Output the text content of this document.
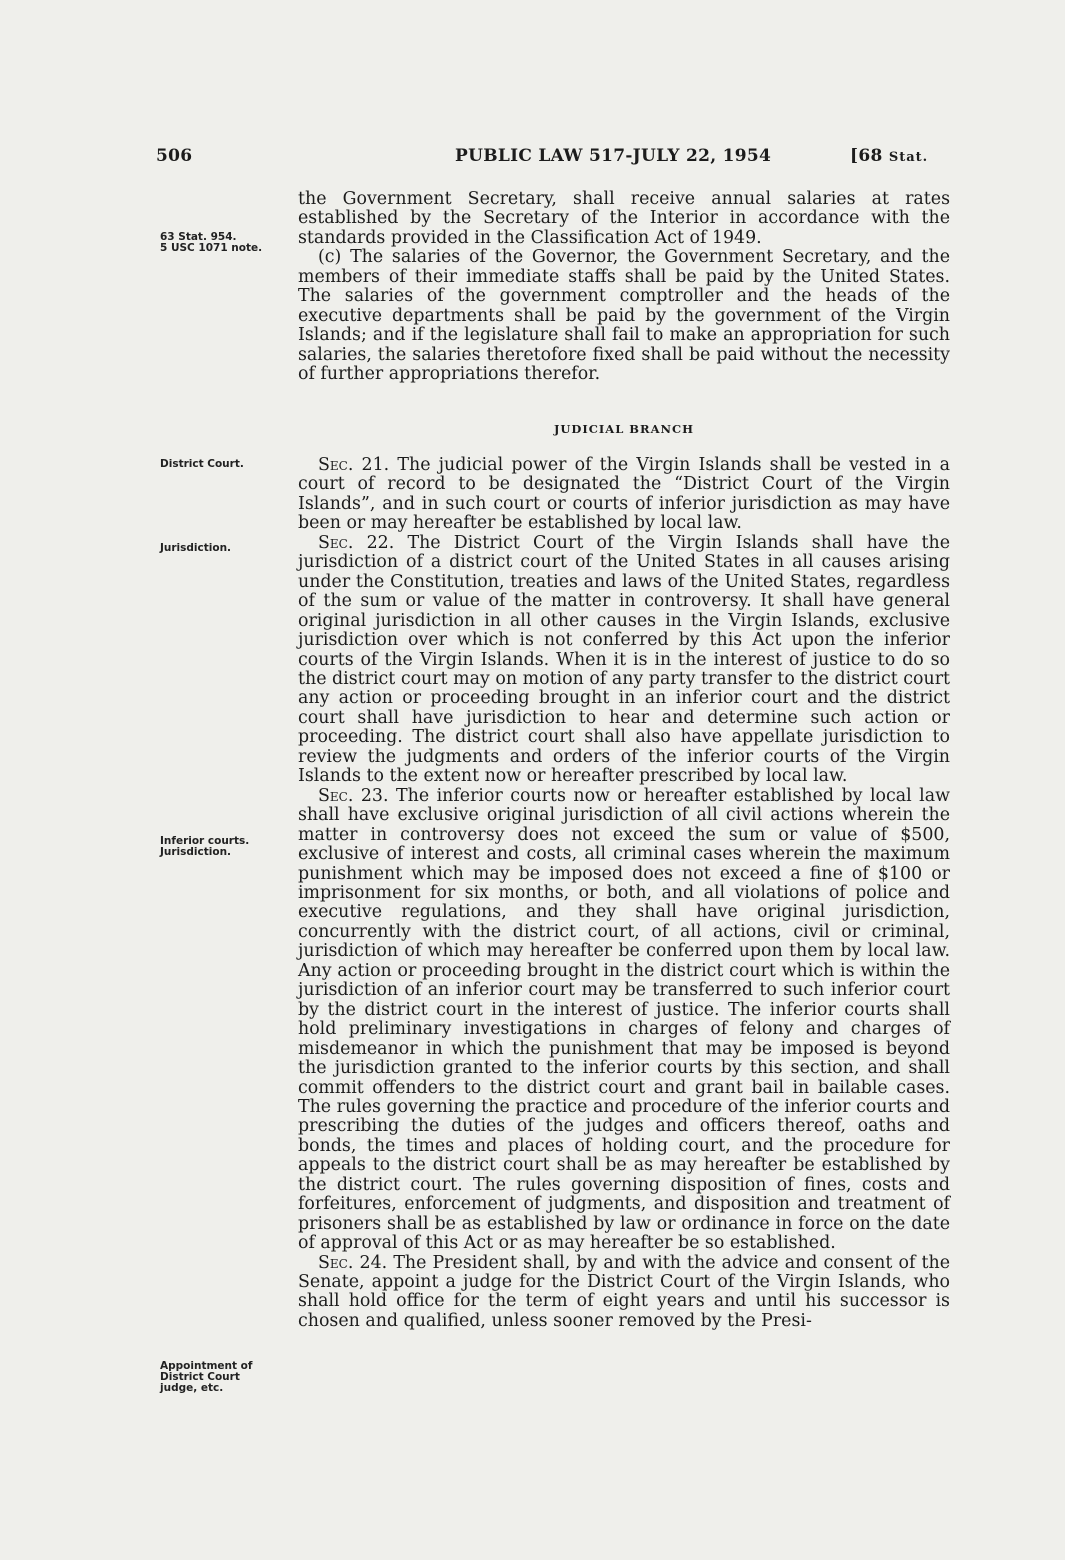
506	PUBLIC LAW 517-JULY 22, 1954	[68 Stat.
63 Stat. 954.
5 USC 1071 note.
District Court.
Jurisdiction.
Inferior courts.
Jurisdiction.
Appointment of
District Court
judge, etc.

the Government Secretary, shall receive annual salaries at rates established by the Secretary of the Interior in accordance with the standards provided in the Classification Act of 1949.

(c) The salaries of the Governor, the Government Secretary, and the members of their immediate staffs shall be paid by the United States. The salaries of the government comptroller and the heads of the executive departments shall be paid by the government of the Virgin Islands; and if the legislature shall fail to make an appropriation for such salaries, the salaries theretofore fixed shall be paid without the necessity of further appropriations therefor.

JUDICIAL BRANCH

Sec. 21. The judicial power of the Virgin Islands shall be vested in a court of record to be designated the “District Court of the Virgin Islands”, and in such court or courts of inferior jurisdiction as may have been or may hereafter be established by local law.

Sec. 22. The District Court of the Virgin Islands shall have the jurisdiction of a district court of the United States in all causes arising under the Constitution, treaties and laws of the United States, regardless of the sum or value of the matter in controversy. It shall have general original jurisdiction in all other causes in the Virgin Islands, exclusive jurisdiction over which is not conferred by this Act upon the inferior courts of the Virgin Islands. When it is in the interest of justice to do so the district court may on motion of any party transfer to the district court any action or proceeding brought in an inferior court and the district court shall have jurisdiction to hear and determine such action or proceeding. The district court shall also have appellate jurisdiction to review the judgments and orders of the inferior courts of the Virgin Islands to the extent now or hereafter prescribed by local law.

Sec. 23. The inferior courts now or hereafter established by local law shall have exclusive original jurisdiction of all civil actions wherein the matter in controversy does not exceed the sum or value of $500, exclusive of interest and costs, all criminal cases wherein the maximum punishment which may be imposed does not exceed a fine of $100 or imprisonment for six months, or both, and all violations of police and executive regulations, and they shall have original jurisdiction, concurrently with the district court, of all actions, civil or criminal, jurisdiction of which may hereafter be conferred upon them by local law. Any action or proceeding brought in the district court which is within the jurisdiction of an inferior court may be transferred to such inferior court by the district court in the interest of justice. The inferior courts shall hold preliminary investigations in charges of felony and charges of misdemeanor in which the punishment that may be imposed is beyond the jurisdiction granted to the inferior courts by this section, and shall commit offenders to the district court and grant bail in bailable cases. The rules governing the practice and procedure of the inferior courts and prescribing the duties of the judges and officers thereof, oaths and bonds, the times and places of holding court, and the procedure for appeals to the district court shall be as may hereafter be established by the district court. The rules governing disposition of fines, costs and forfeitures, enforcement of judgments, and disposition and treatment of prisoners shall be as established by law or ordinance in force on the date of approval of this Act or as may hereafter be so established.

Sec. 24. The President shall, by and with the advice and consent of the Senate, appoint a judge for the District Court of the Virgin Islands, who shall hold office for the term of eight years and until his successor is chosen and qualified, unless sooner removed by the Presi-
